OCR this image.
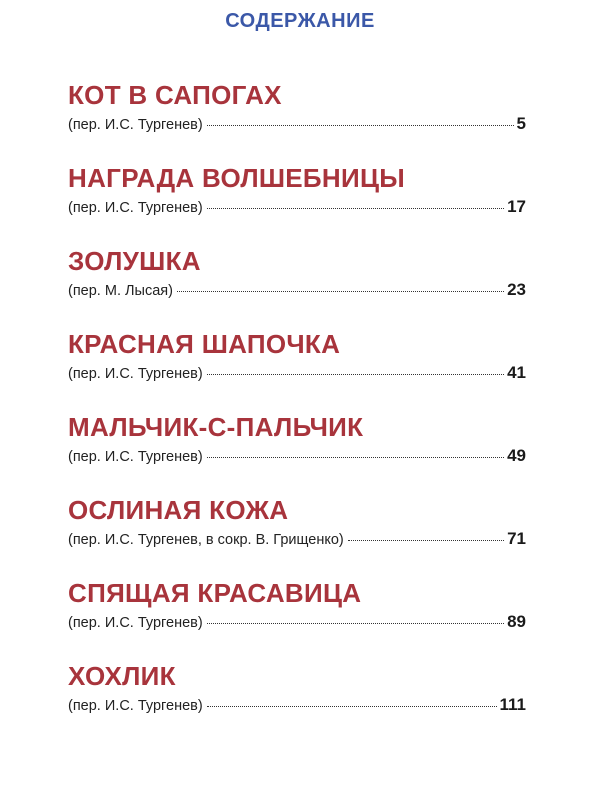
СОДЕРЖАНИЕ
КОТ В САПОГАХ
(пер. И.С. Тургенев)	5
НАГРАДА ВОЛШЕБНИЦЫ
(пер. И.С. Тургенев)	17
ЗОЛУШКА
(пер. М. Лысая)	23
КРАСНАЯ ШАПОЧКА
(пер. И.С. Тургенев)	41
МАЛЬЧИК-С-ПАЛЬЧИК
(пер. И.С. Тургенев)	49
ОСЛИНАЯ КОЖА
(пер. И.С. Тургенев, в сокр. В. Грищенко)	71
СПЯЩАЯ КРАСАВИЦА
(пер. И.С. Тургенев)	89
ХОХЛИК
(пер. И.С. Тургенев)	111
